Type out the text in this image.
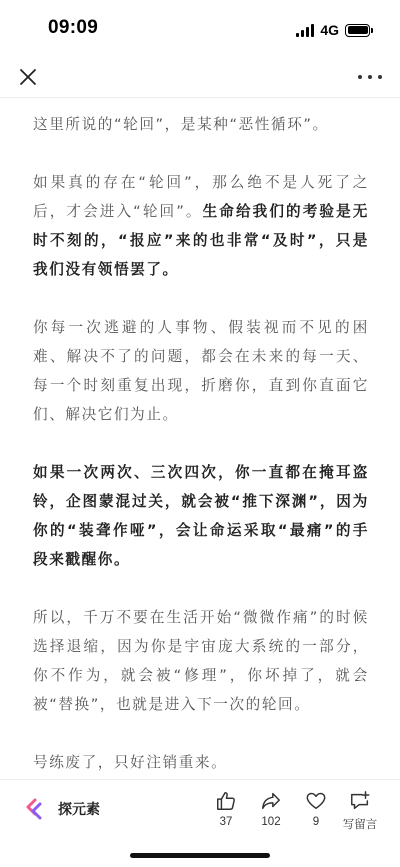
09:09	4G

这里所说的“轮回”，是某种“恶性循环”。

如果真的存在“轮回”，那么绝不是人死了之后，才会进入“轮回”。生命给我们的考验是无时不刻的，“报应”来的也非常“及时”，只是我们没有领悟罢了。

你每一次逃避的人事物、假装视而不见的困难、解决不了的问题，都会在未来的每一天、每一个时刻重复出现，折磨你，直到你直面它们、解决它们为止。

如果一次两次、三次四次，你一直都在掩耳盗铃，企图蒙混过关，就会被“推下深渊”，因为你的“装聋作哑”，会让命运采取“最痛”的手段来戳醒你。

所以，千万不要在生活开始“微微作痛”的时候选择退缩，因为你是宇宙庞大系统的一部分，你不作为，就会被“修理”，你坏掉了，就会被“替换”，也就是进入下一次的轮回。

号练废了，只好注销重来。

探元素
37	102	9	写留言
